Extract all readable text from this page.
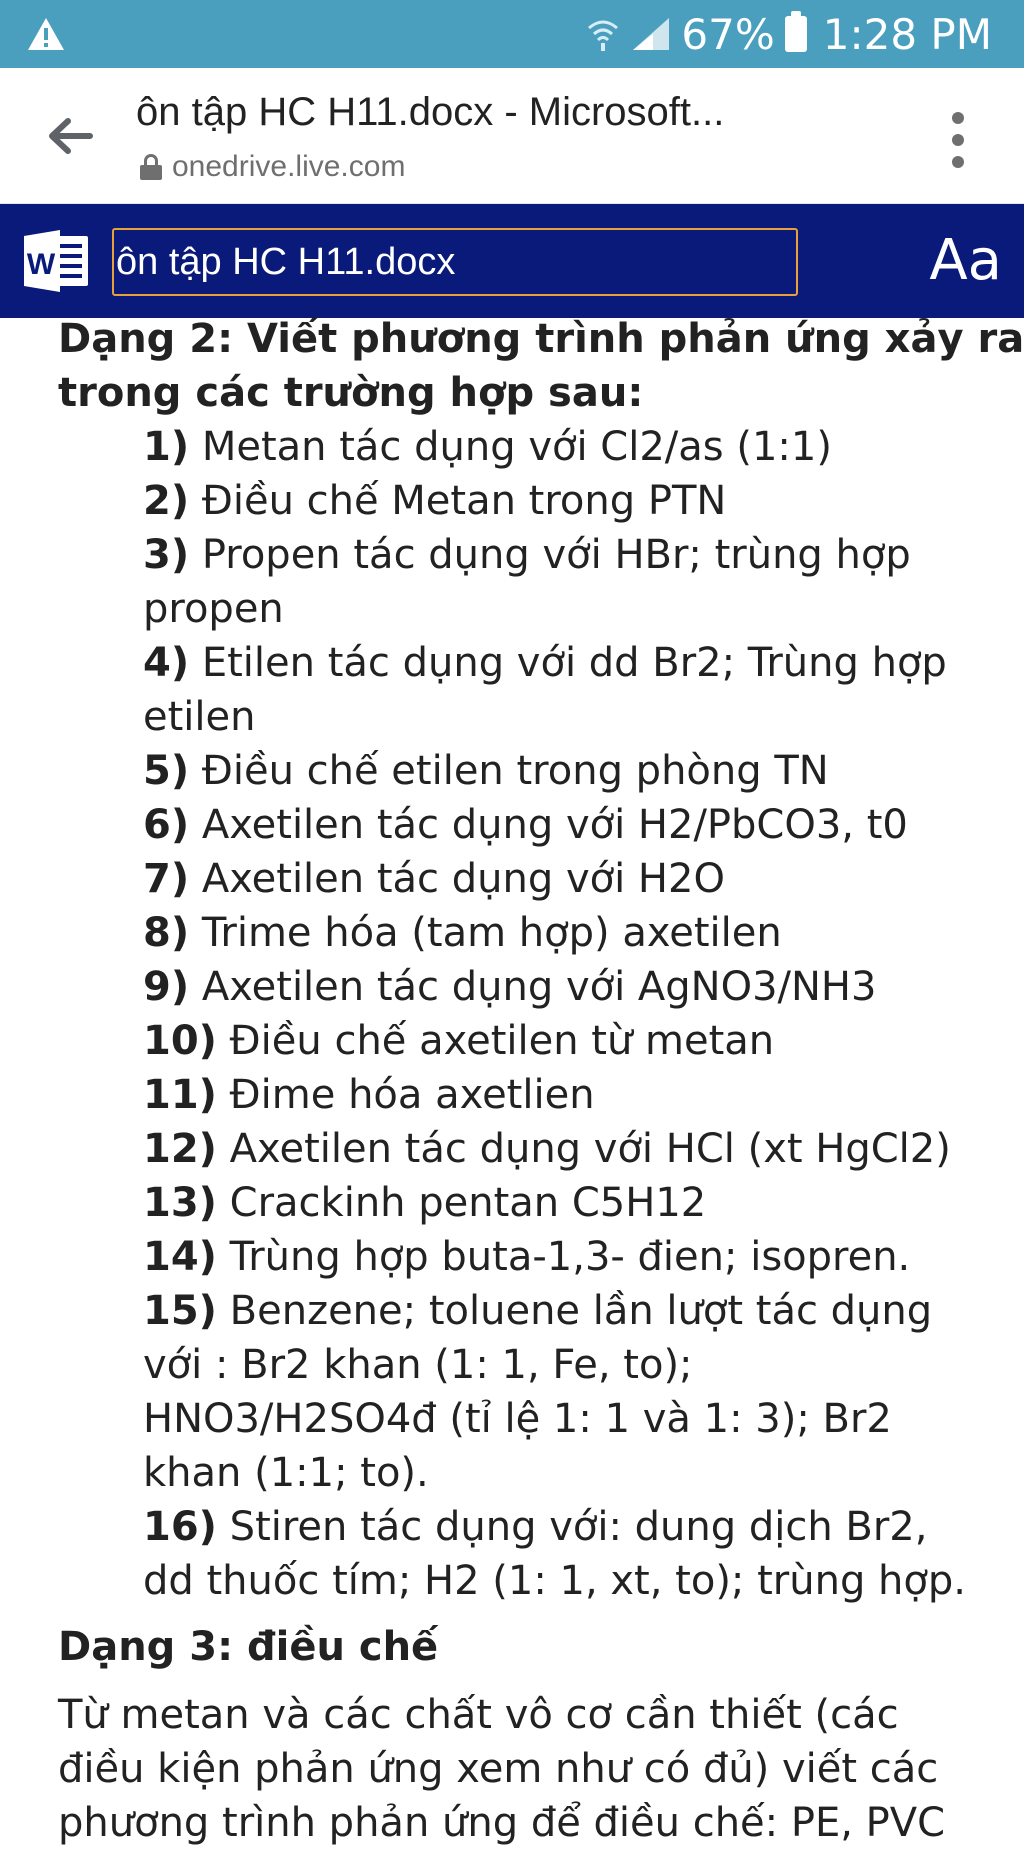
67% 1:28 PM
ôn tập HC H11.docx - Microsoft...
onedrive.live.com
W ôn tập HC H11.docx	Aa
Dạng 2: Viết phương trình phản ứng xảy ra
trong các trường hợp sau:
1) Metan tác dụng với Cl2/as (1:1)
2) Điều chế Metan trong PTN
3) Propen tác dụng với HBr; trùng hợp
propen
4) Etilen tác dụng với dd Br2; Trùng hợp
etilen
5) Điều chế etilen trong phòng TN
6) Axetilen tác dụng với H2/PbCO3, t0
7) Axetilen tác dụng với H2O
8) Trime hóa (tam hợp) axetilen
9) Axetilen tác dụng với AgNO3/NH3
10) Điều chế axetilen từ metan
11) Đime hóa axetlien
12) Axetilen tác dụng với HCl (xt HgCl2)
13) Crackinh pentan C5H12
14) Trùng hợp buta-1,3- đien; isopren.
15) Benzene; toluene lần lượt tác dụng
với : Br2 khan (1: 1, Fe, to);
HNO3/H2SO4đ (tỉ lệ 1: 1 và 1: 3); Br2
khan (1:1; to).
16) Stiren tác dụng với: dung dịch Br2,
dd thuốc tím; H2 (1: 1, xt, to); trùng hợp.
Dạng 3: điều chế
Từ metan và các chất vô cơ cần thiết (các
điều kiện phản ứng xem như có đủ) viết các
phương trình phản ứng để điều chế: PE, PVC
